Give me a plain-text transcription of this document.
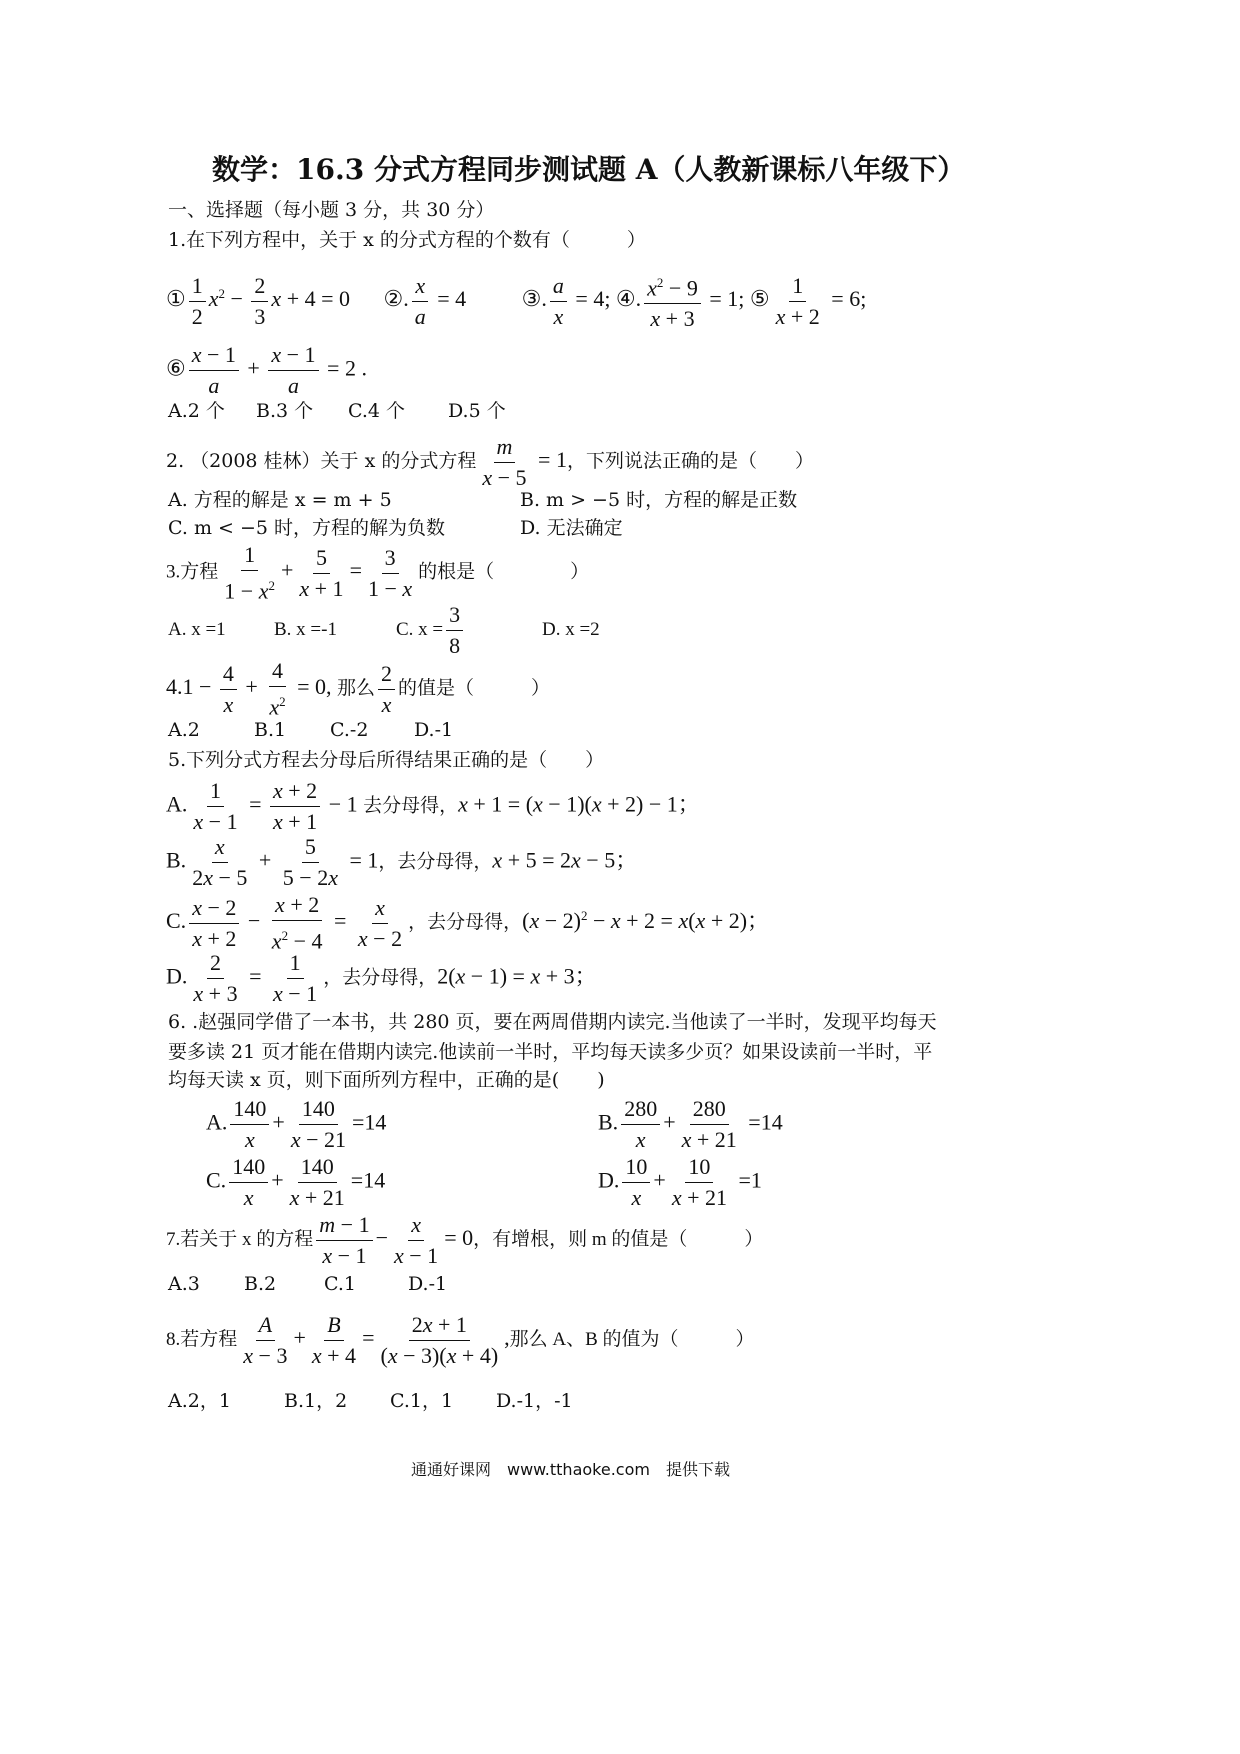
数学：16.3 分式方程同步测试题 A（人教新课标八年级下）
一、选择题（每小题 3 分，共 30 分）
1.在下列方程中，关于 x 的分式方程的个数有（　　　）
① $\frac{1}{2} x^2 - \frac{2}{3}$ x + 4 = 0 ②. $\frac{x}{a} = 4$ ③. $\frac{a}{x} = 4$; ④. $\frac{x^2 - 9}{x + 3} = 1$; ⑤ $\frac{1}{x + 2} = 6$;
⑥ $\frac{x - 1}{a} + \frac{x - 1}{a} = 2$ .
A.2 个 B.3 个 C.4 个 D.5 个
2. （2008 桂林）关于 x 的分式方程 $\frac{m}{x - 5} = 1$，下列说法正确的是（　　）
A. 方程的解是 x = m + 5	B. m > −5 时，方程的解是正数
C. m < −5 时，方程的解为负数	D. 无法确定
3.方程 $\frac{1}{1 - x^2} + \frac{5}{x + 1} = \frac{3}{1 - x}$ 的根是（　　　　）
A. x =1	B. x =-1	C. $x = \frac{3}{8}$	D. x =2
$4.1 - \frac{4}{x} + \frac{4}{x^2} = 0$, 那么 $\frac{2}{x}$ 的值是（　　　）
A.2	B.1 C.-2 D.-1
5.下列分式方程去分母后所得结果正确的是（　　）
A. $\frac{1}{x - 1} = \frac{x + 2}{x + 1} - 1$ 去分母得，x + 1 = (x − 1)(x + 2) − 1；
B. $\frac{x}{2x - 5} + \frac{5}{5 - 2x} = 1$，去分母得，x + 5 = 2x − 5；
C. $\frac{x - 2}{x + 2} - \frac{x + 2}{x^2 - 4} = \frac{x}{x - 2}$ ，去分母得，$(x - 2)^2 - x + 2 = x(x + 2)$；
D. $\frac{2}{x + 3} = \frac{1}{x - 1}$ ，去分母得，2(x − 1) = x + 3；
6. .赵强同学借了一本书，共 280 页，要在两周借期内读完.当他读了一半时，发现平均每天
要多读 21 页才能在借期内读完.他读前一半时，平均每天读多少页？如果设读前一半时，平
均每天读 x 页，则下面所列方程中，正确的是(　　)
A. $\frac{140}{x} + \frac{140}{x - 21} =14$	B. $\frac{280}{x} + \frac{280}{x + 21} =14$
C. $\frac{140}{x} + \frac{140}{x + 21} =14$	D. $\frac{10}{x} + \frac{10}{x + 21} =1$
7.若关于 x 的方程 $\frac{m - 1}{x - 1} - \frac{x}{x - 1} = 0$，有增根，则 m 的值是（　　　）
A.3 B.2	C.1	D.-1
8.若方程 $\frac{A}{x - 3} + \frac{B}{x + 4} = \frac{2x + 1}{(x - 3)(x + 4)}$ ,那么 A、B 的值为（　　　）
A.2，1	B.1，2 C.1，1 D.-1，-1
通通好课网　www.tthaoke.com　提供下载
